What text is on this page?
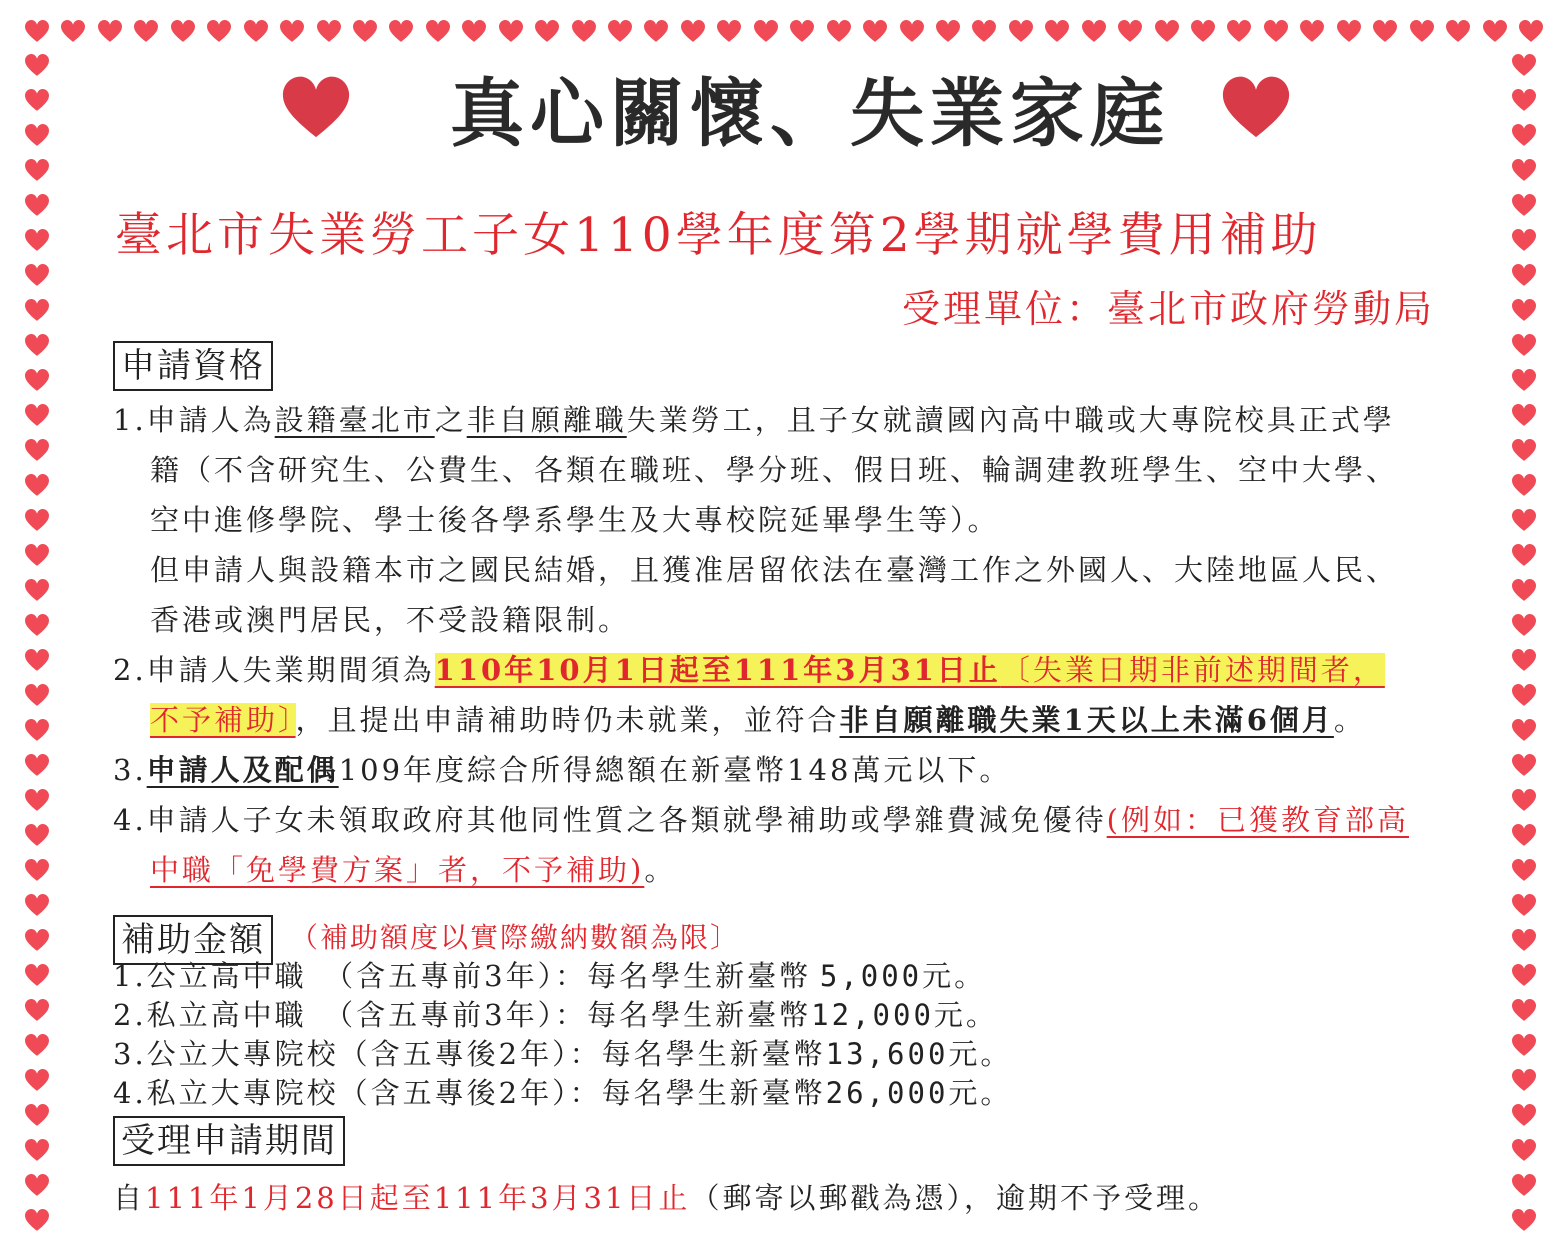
真心關懷、失業家庭
臺北市失業勞工子女110學年度第2學期就學費用補助
受理單位：臺北市政府勞動局
申請資格
1.申請人為設籍臺北市之非自願離職失業勞工，且子女就讀國內高中職或大專院校具正式學
籍（不含研究生、公費生、各類在職班、學分班、假日班、輪調建教班學生、空中大學、
空中進修學院、學士後各學系學生及大專校院延畢學生等）。
但申請人與設籍本市之國民結婚，且獲准居留依法在臺灣工作之外國人、大陸地區人民、
香港或澳門居民，不受設籍限制。
2.申請人失業期間須為110年10月1日起至111年3月31日止〔失業日期非前述期間者，
不予補助〕，且提出申請補助時仍未就業，並符合非自願離職失業1天以上未滿6個月。
3.申請人及配偶109年度綜合所得總額在新臺幣148萬元以下。
4.申請人子女未領取政府其他同性質之各類就學補助或學雜費減免優待(例如：已獲教育部高
中職「免學費方案」者，不予補助)。
補助金額 （補助額度以實際繳納數額為限〕
1.公立高中職　（含五專前3年）：每名學生新臺幣5,000元。
2.私立高中職　（含五專前3年）：每名學生新臺幣12,000元。
3.公立大專院校（含五專後2年）：每名學生新臺幣13,600元。
4.私立大專院校（含五專後2年）：每名學生新臺幣26,000元。
受理申請期間
自111年1月28日起至111年3月31日止（郵寄以郵戳為憑），逾期不予受理。
